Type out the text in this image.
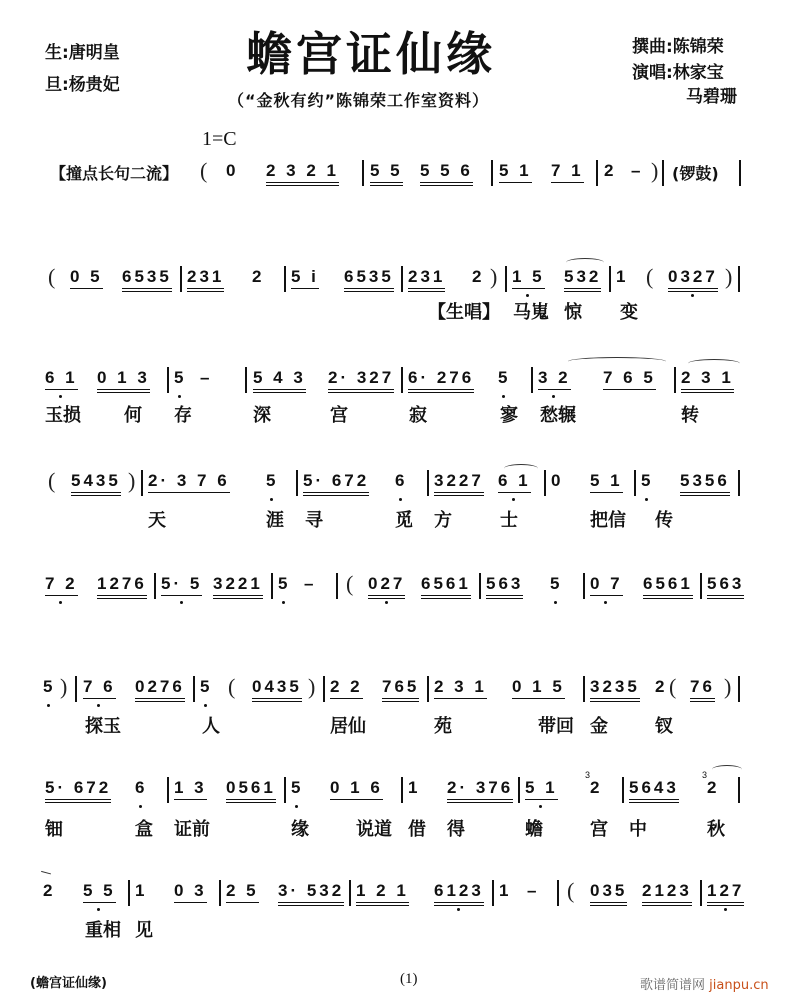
生:唐明皇
旦:杨贵妃
蟾宫证仙缘
（“金秋有约”陈锦荣工作室资料）
撰曲:陈锦荣
演唱:林家宝
马碧珊
1=C
【撞点长句二流】 ( 0 2 3 2 1 5 5 5 5 6 5 1 7 1 2 – ) (锣鼓)
( 0 5 6535 231 2 5 i 6535 231 2 ) 1 5 532 1 ( 0327 )
【生唱】 马嵬 惊 变
6 1 0 1 3 5 – 5 4 3 2· 327 6· 276 5 3 2 7 6 5 2 3 1
玉损 何 存	深	宫	寂	寥 愁辗	转
( 5435 ) 2· 3 7 6 5 5· 672 6 3227 6 1 0 5 1 5 5356
天	涯 寻	觅 方	士	把信 传
7 2 1276 5· 5 3221 5 – ( 027 6561 563 5 0 7 6561 563
5 ) 7 6 0276 5 ( 0435 ) 2 2 765 2 3 1 0 1 5 3235 2 ( 76 )
探玉	人	居仙	苑	带回 金	钗
5· 672 6 1 3 0561 5 0 1 6 1 2· 376 5 1
3
2 5643
3
2
钿	盒 证前	缘	说道 借 得	蟾	宫 中	秋
2 5 5 1 0 3 2 5 3· 532 1 2 1 6123 1 – ( 035 2123 127
重相 见
(蟾宫证仙缘)	(1)	歌谱简谱网 jianpu.cn
